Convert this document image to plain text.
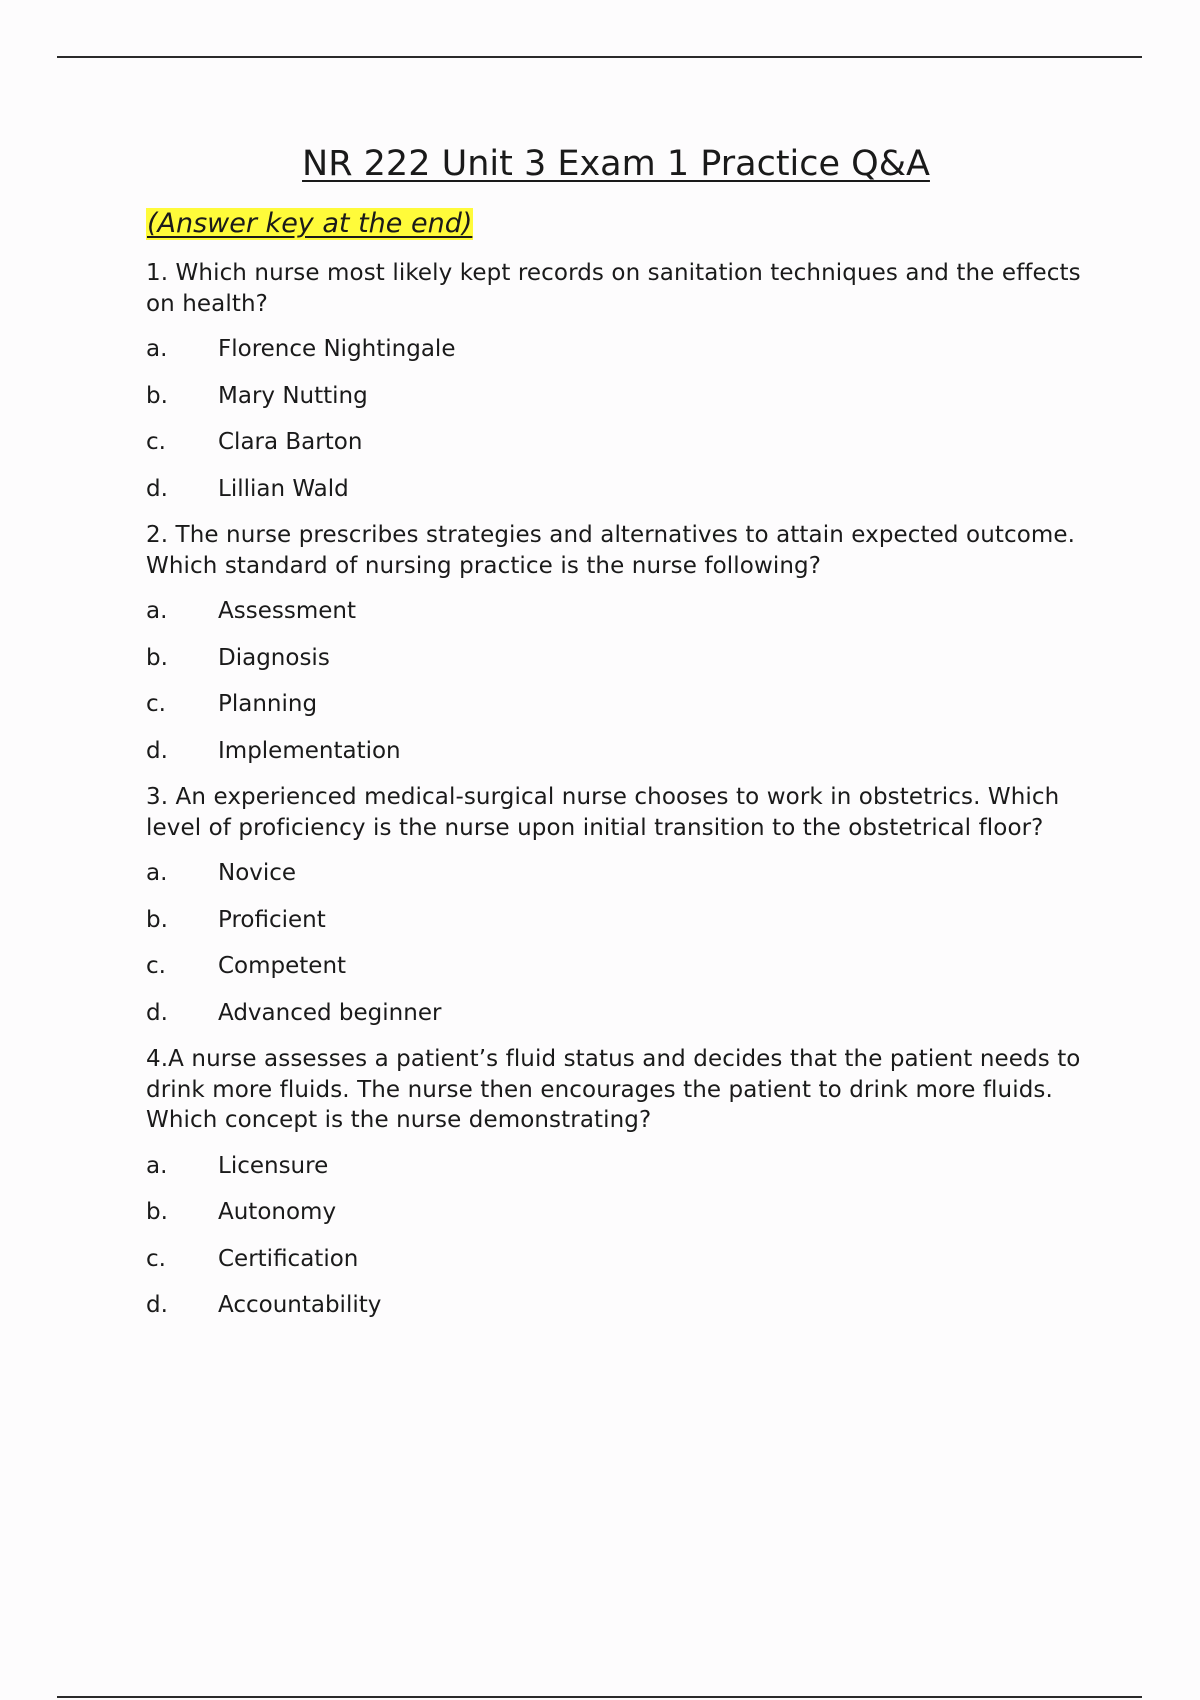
NR 222 Unit 3 Exam 1 Practice Q&A
(Answer key at the end)

1. Which nurse most likely kept records on sanitation techniques and the effects on health?

a.	Florence Nightingale
b.	Mary Nutting
c.	Clara Barton
d.	Lillian Wald

2. The nurse prescribes strategies and alternatives to attain expected outcome. Which standard of nursing practice is the nurse following?

a.	Assessment
b.	Diagnosis
c.	Planning
d.	Implementation

3. An experienced medical-surgical nurse chooses to work in obstetrics. Which level of proficiency is the nurse upon initial transition to the obstetrical floor?

a.	Novice
b.	Proficient
c.	Competent
d.	Advanced beginner

4.A nurse assesses a patient’s fluid status and decides that the patient needs to drink more fluids. The nurse then encourages the patient to drink more fluids. Which concept is the nurse demonstrating?

a.	Licensure
b.	Autonomy
c.	Certification
d.	Accountability
